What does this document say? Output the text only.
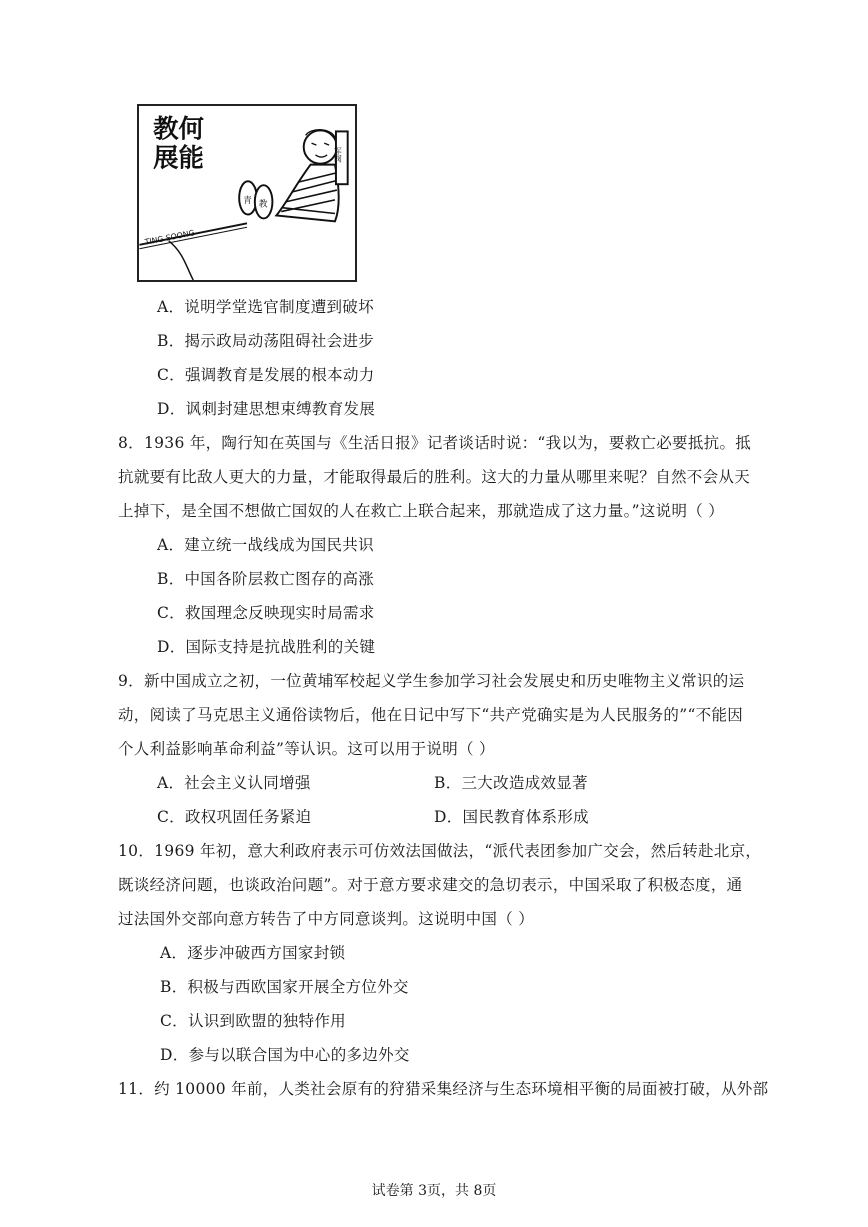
教何
展能
TING SOONG
青 教
军阀
A．说明学堂选官制度遭到破坏
B．揭示政局动荡阻碍社会进步
C．强调教育是发展的根本动力
D．讽刺封建思想束缚教育发展
8．1936 年，陶行知在英国与《生活日报》记者谈话时说：“我以为，要救亡必要抵抗。抵
抗就要有比敌人更大的力量，才能取得最后的胜利。这大的力量从哪里来呢？自然不会从天
上掉下，是全国不想做亡国奴的人在救亡上联合起来，那就造成了这力量。”这说明（ ）
A．建立统一战线成为国民共识
B．中国各阶层救亡图存的高涨
C．救国理念反映现实时局需求
D．国际支持是抗战胜利的关键
9．新中国成立之初，一位黄埔军校起义学生参加学习社会发展史和历史唯物主义常识的运
动，阅读了马克思主义通俗读物后，他在日记中写下“共产党确实是为人民服务的”“不能因
个人利益影响革命利益”等认识。这可以用于说明（ ）
A．社会主义认同增强	B．三大改造成效显著
C．政权巩固任务紧迫	D．国民教育体系形成
10．1969 年初，意大利政府表示可仿效法国做法，“派代表团参加广交会，然后转赴北京，
既谈经济问题，也谈政治问题”。对于意方要求建交的急切表示，中国采取了积极态度，通
过法国外交部向意方转告了中方同意谈判。这说明中国（ ）
A．逐步冲破西方国家封锁
B．积极与西欧国家开展全方位外交
C．认识到欧盟的独特作用
D．参与以联合国为中心的多边外交
11．约 10000 年前，人类社会原有的狩猎采集经济与生态环境相平衡的局面被打破，从外部
试卷第 3页，共 8页
